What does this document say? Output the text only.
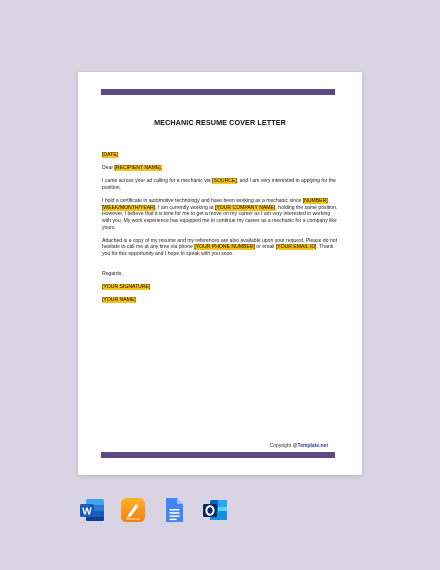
MECHANIC RESUME COVER LETTER

[DATE]

Dear [RECIPIENT NAME],

I came across your ad calling for a mechanic via [SOURCE], and I am very interested in applying for the position.

I hold a certificate in automotive technology and have been working as a mechanic since [NUMBER] [WEEK/MONTH/YEAR]. I am currently working at [YOUR COMPANY NAME], holding the same position. However, I believe that it is time for me to get a move on my career as I am very interested in working with you. My work experience has equipped me to continue my career as a mechanic for a company like yours.

Attached is a copy of my resume and my references are also available upon your request. Please do not hesitate to call me at any time via phone [YOUR PHONE NUMBER] or email [YOUR EMAIL ID]. Thank you for this opportunity and I hope to speak with you soon.

Regards,

[YOUR SIGNATURE]

[YOUR NAME]

Copyright @Template.net
W
